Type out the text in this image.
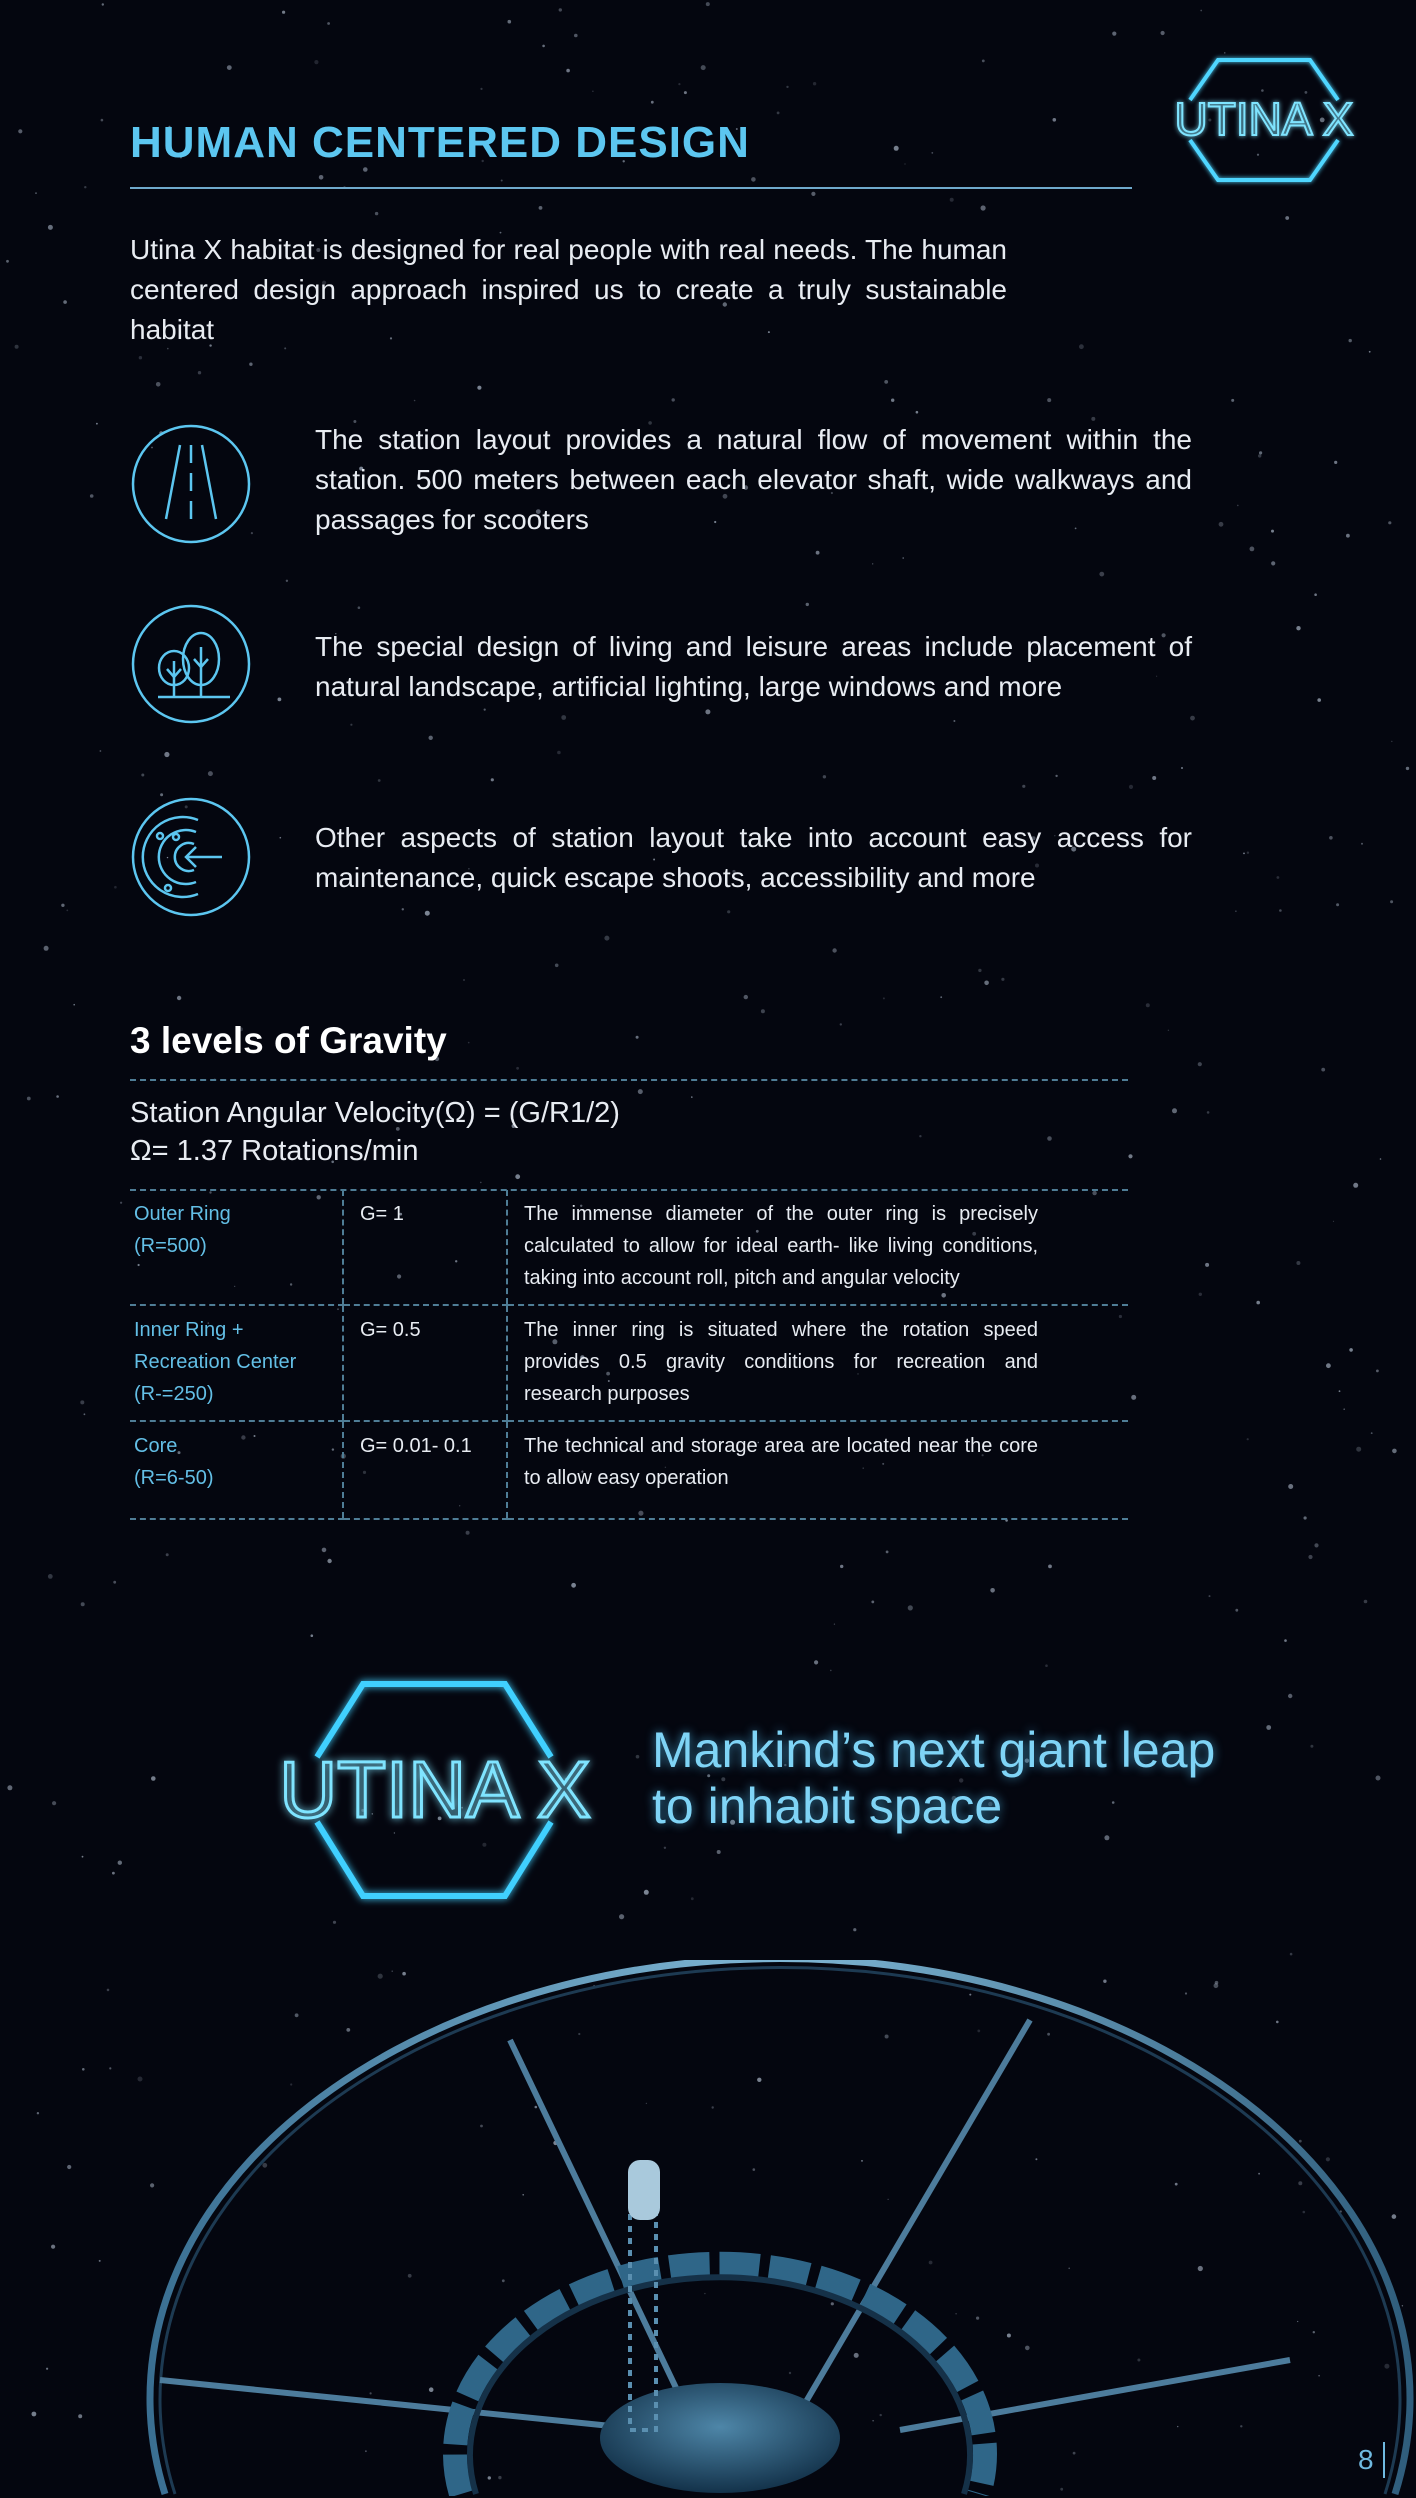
HUMAN CENTERED DESIGN	UTINA X
Utina X habitat is designed for real people with real needs. The human centered design approach inspired us to create a truly sustainable habitat
The station layout provides a natural flow of movement within the station. 500 meters between each elevator shaft, wide walkways and passages for scooters
The special design of living and leisure areas include placement of natural landscape, artificial lighting, large windows and more
Other aspects of station layout take into account easy access for maintenance, quick escape shoots, accessibility and more
3 levels of Gravity
Station Angular Velocity(Ω) = (G/R1/2)
Ω= 1.37 Rotations/min
Outer Ring
(R=500)	G= 1	The immense diameter of the outer ring is precisely calculated to allow for ideal earth- like living conditions, taking into account roll, pitch and angular velocity

Inner Ring + Recreation Center
(R-=250)	G= 0.5	The inner ring is situated where the rotation speed provides 0.5 gravity conditions for recreation and research purposes

Core
(R=6-50)	G= 0.01- 0.1	The technical and storage area are located near the core to allow easy operation
UTINA X Mankind’s next giant leap
to inhabit space
8
